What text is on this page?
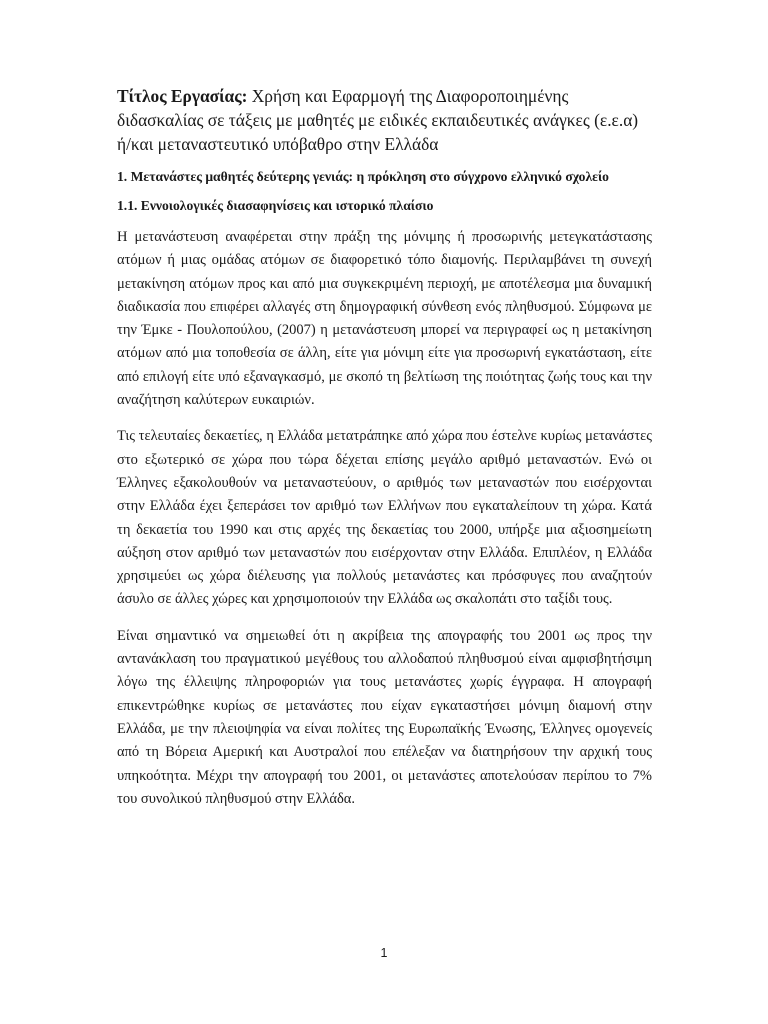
Τίτλος Εργασίας: Χρήση και Εφαρμογή της Διαφοροποιημένης διδασκαλίας σε τάξεις με μαθητές με ειδικές εκπαιδευτικές ανάγκες (ε.ε.α) ή/και μεταναστευτικό υπόβαθρο στην Ελλάδα

1. Μετανάστες μαθητές δεύτερης γενιάς: η πρόκληση στο σύγχρονο ελληνικό σχολείο

1.1. Εννοιολογικές διασαφηνίσεις και ιστορικό πλαίσιο

Η μετανάστευση αναφέρεται στην πράξη της μόνιμης ή προσωρινής μετεγκατάστασης ατόμων ή μιας ομάδας ατόμων σε διαφορετικό τόπο διαμονής. Περιλαμβάνει τη συνεχή μετακίνηση ατόμων προς και από μια συγκεκριμένη περιοχή, με αποτέλεσμα μια δυναμική διαδικασία που επιφέρει αλλαγές στη δημογραφική σύνθεση ενός πληθυσμού. Σύμφωνα με την Έμκε - Πουλοπούλου, (2007) η μετανάστευση μπορεί να περιγραφεί ως η μετακίνηση ατόμων από μια τοποθεσία σε άλλη, είτε για μόνιμη είτε για προσωρινή εγκατάσταση, είτε από επιλογή είτε υπό εξαναγκασμό, με σκοπό τη βελτίωση της ποιότητας ζωής τους και την αναζήτηση καλύτερων ευκαιριών.

Τις τελευταίες δεκαετίες, η Ελλάδα μετατράπηκε από χώρα που έστελνε κυρίως μετανάστες στο εξωτερικό σε χώρα που τώρα δέχεται επίσης μεγάλο αριθμό μεταναστών. Ενώ οι Έλληνες εξακολουθούν να μεταναστεύουν, ο αριθμός των μεταναστών που εισέρχονται στην Ελλάδα έχει ξεπεράσει τον αριθμό των Ελλήνων που εγκαταλείπουν τη χώρα. Κατά τη δεκαετία του 1990 και στις αρχές της δεκαετίας του 2000, υπήρξε μια αξιοσημείωτη αύξηση στον αριθμό των μεταναστών που εισέρχονταν στην Ελλάδα. Επιπλέον, η Ελλάδα χρησιμεύει ως χώρα διέλευσης για πολλούς μετανάστες και πρόσφυγες που αναζητούν άσυλο σε άλλες χώρες και χρησιμοποιούν την Ελλάδα ως σκαλοπάτι στο ταξίδι τους.

Είναι σημαντικό να σημειωθεί ότι η ακρίβεια της απογραφής του 2001 ως προς την αντανάκλαση του πραγματικού μεγέθους του αλλοδαπού πληθυσμού είναι αμφισβητήσιμη λόγω της έλλειψης πληροφοριών για τους μετανάστες χωρίς έγγραφα. Η απογραφή επικεντρώθηκε κυρίως σε μετανάστες που είχαν εγκαταστήσει μόνιμη διαμονή στην Ελλάδα, με την πλειοψηφία να είναι πολίτες της Ευρωπαϊκής Ένωσης, Έλληνες ομογενείς από τη Βόρεια Αμερική και Αυστραλοί που επέλεξαν να διατηρήσουν την αρχική τους υπηκοότητα. Μέχρι την απογραφή του 2001, οι μετανάστες αποτελούσαν περίπου το 7% του συνολικού πληθυσμού στην Ελλάδα.

1
